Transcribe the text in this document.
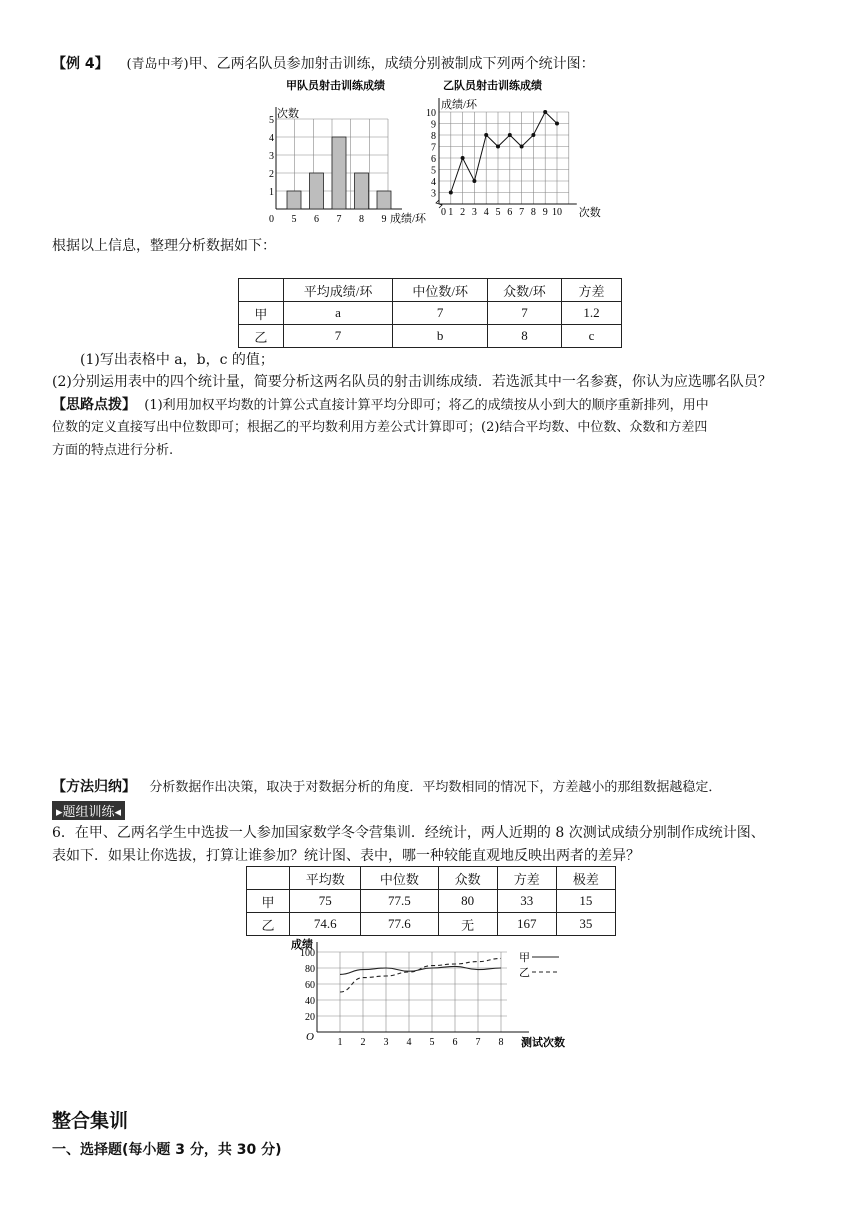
【例 4】 (青岛中考)甲、乙两名队员参加射击训练，成绩分别被制成下列两个统计图：
甲队员射击训练成绩
次数
成绩/环
0
1
2
3
4
5
5 6 7 8 9
乙队员射击训练成绩
成绩/环
次数
0
3
4
5
6
7
8
9
10
1 2 3 4 5 6 7 8 9 10
根据以上信息，整理分析数据如下：
	平均成绩/环	中位数/环	众数/环	方差
甲	a	7	7	1.2
乙	7	b	8	c
(1)写出表格中 a，b，c 的值；
(2)分别运用表中的四个统计量，简要分析这两名队员的射击训练成绩．若选派其中一名参赛，你认为应选哪名队员？
【思路点拨】 (1)利用加权平均数的计算公式直接计算平均分即可；将乙的成绩按从小到大的顺序重新排列，用中
位数的定义直接写出中位数即可；根据乙的平均数利用方差公式计算即可；(2)结合平均数、中位数、众数和方差四
方面的特点进行分析.
【方法归纳】 分析数据作出决策，取决于对数据分析的角度．平均数相同的情况下，方差越小的那组数据越稳定．
▸题组训练◂
6．在甲、乙两名学生中选拔一人参加国家数学冬令营集训．经统计，两人近期的 8 次测试成绩分别制作成统计图、
表如下．如果让你选拔，打算让谁参加？统计图、表中，哪一种较能直观地反映出两者的差异？
	平均数	中位数	众数	方差	极差
甲	75	77.5	80	33	15
乙	74.6	77.6	无	167	35
20
40
60
80
100
1 2 3 4 5 6 7 8
成绩
测试次数
O
甲
乙
整合集训
一、选择题(每小题 3 分，共 30 分)
